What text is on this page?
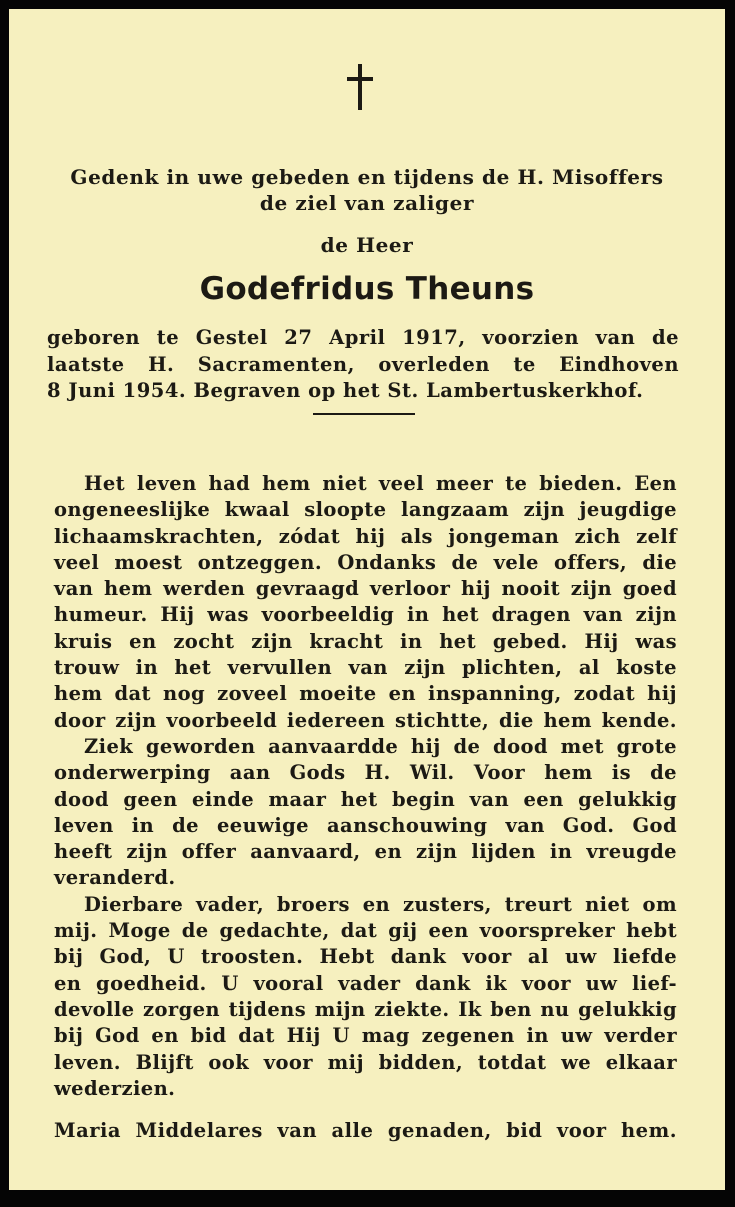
Gedenk in uwe gebeden en tijdens de H. Misoffers
de ziel van zaliger
de Heer
Godefridus Theuns
geboren te Gestel 27 April 1917, voorzien van de
laatste H. Sacramenten, overleden te Eindhoven
8 Juni 1954. Begraven op het St. Lambertuskerkhof.
Het leven had hem niet veel meer te bieden. Een
ongeneeslijke kwaal sloopte langzaam zijn jeugdige
lichaamskrachten, zódat hij als jongeman zich zelf
veel moest ontzeggen. Ondanks de vele offers, die
van hem werden gevraagd verloor hij nooit zijn goed
humeur. Hij was voorbeeldig in het dragen van zijn
kruis en zocht zijn kracht in het gebed. Hij was
trouw in het vervullen van zijn plichten, al koste
hem dat nog zoveel moeite en inspanning, zodat hij
door zijn voorbeeld iedereen stichtte, die hem kende.
Ziek geworden aanvaardde hij de dood met grote
onderwerping aan Gods H. Wil. Voor hem is de
dood geen einde maar het begin van een gelukkig
leven in de eeuwige aanschouwing van God. God
heeft zijn offer aanvaard, en zijn lijden in vreugde
veranderd.
Dierbare vader, broers en zusters, treurt niet om
mij. Moge de gedachte, dat gij een voorspreker hebt
bij God, U troosten. Hebt dank voor al uw liefde
en goedheid. U vooral vader dank ik voor uw lief-
devolle zorgen tijdens mijn ziekte. Ik ben nu gelukkig
bij God en bid dat Hij U mag zegenen in uw verder
leven. Blijft ook voor mij bidden, totdat we elkaar
wederzien.
Maria Middelares van alle genaden, bid voor hem.
